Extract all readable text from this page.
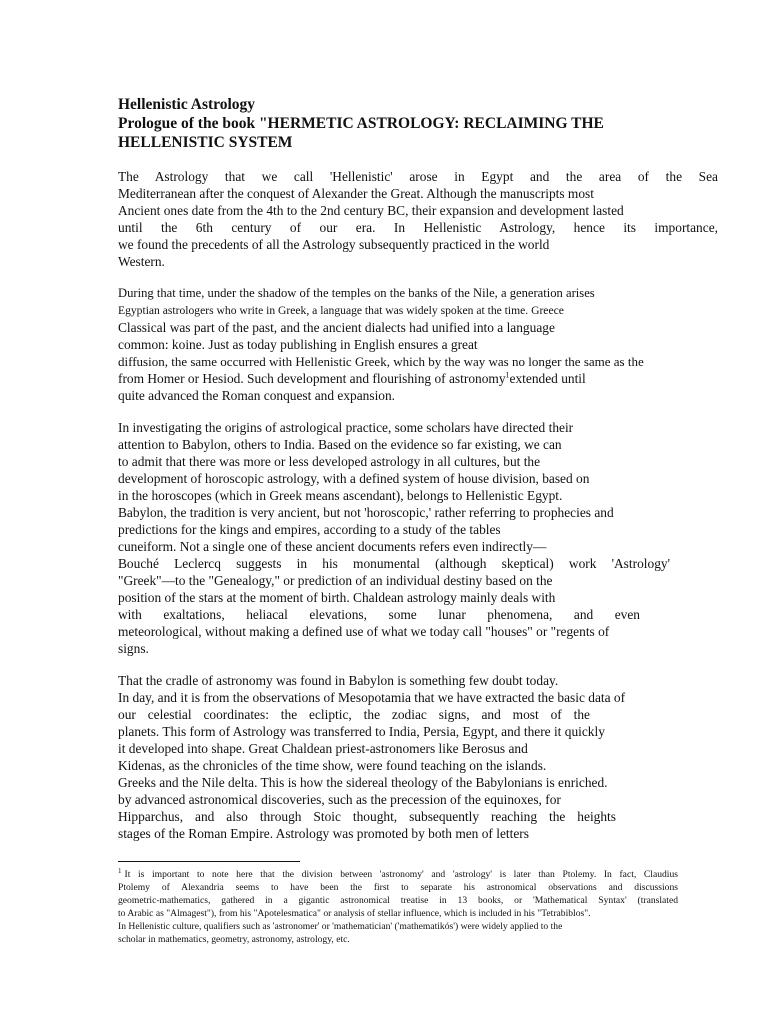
Hellenistic Astrology
Prologue of the book "HERMETIC ASTROLOGY: RECLAIMING THE
HELLENISTIC SYSTEM
The Astrology that we call 'Hellenistic' arose in Egypt and the area of the Sea
Mediterranean after the conquest of Alexander the Great. Although the manuscripts most
Ancient ones date from the 4th to the 2nd century BC, their expansion and development lasted
until the 6th century of our era. In Hellenistic Astrology, hence its importance,
we found the precedents of all the Astrology subsequently practiced in the world
Western.
During that time, under the shadow of the temples on the banks of the Nile, a generation arises
Egyptian astrologers who write in Greek, a language that was widely spoken at the time. Greece
Classical was part of the past, and the ancient dialects had unified into a language
common: koine. Just as today publishing in English ensures a great
diffusion, the same occurred with Hellenistic Greek, which by the way was no longer the same as the
from Homer or Hesiod. Such development and flourishing of astronomy$^1$extended until
quite advanced the Roman conquest and expansion.
In investigating the origins of astrological practice, some scholars have directed their
attention to Babylon, others to India. Based on the evidence so far existing, we can
to admit that there was more or less developed astrology in all cultures, but the
development of horoscopic astrology, with a defined system of house division, based on
in the horoscopes (which in Greek means ascendant), belongs to Hellenistic Egypt.
Babylon, the tradition is very ancient, but not 'horoscopic,' rather referring to prophecies and
predictions for the kings and empires, according to a study of the tables
cuneiform. Not a single one of these ancient documents refers even indirectly—
Bouché Leclercq suggests in his monumental (although skeptical) work 'Astrology'
"Greek"—to the "Genealogy," or prediction of an individual destiny based on the
position of the stars at the moment of birth. Chaldean astrology mainly deals with
with exaltations, heliacal elevations, some lunar phenomena, and even
meteorological, without making a defined use of what we today call "houses" or "regents of
signs.
That the cradle of astronomy was found in Babylon is something few doubt today.
In day, and it is from the observations of Mesopotamia that we have extracted the basic data of
our celestial coordinates: the ecliptic, the zodiac signs, and most of the
planets. This form of Astrology was transferred to India, Persia, Egypt, and there it quickly
it developed into shape. Great Chaldean priest-astronomers like Berosus and
Kidenas, as the chronicles of the time show, were found teaching on the islands.
Greeks and the Nile delta. This is how the sidereal theology of the Babylonians is enriched.
by advanced astronomical discoveries, such as the precession of the equinoxes, for
Hipparchus, and also through Stoic thought, subsequently reaching the heights
stages of the Roman Empire. Astrology was promoted by both men of letters
$^1$ It is important to note here that the division between 'astronomy' and 'astrology' is later than Ptolemy. In fact, Claudius
Ptolemy of Alexandria seems to have been the first to separate his astronomical observations and discussions
geometric-mathematics, gathered in a gigantic astronomical treatise in 13 books, or 'Mathematical Syntax' (translated
to Arabic as "Almagest"), from his "Apotelesmatica" or analysis of stellar influence, which is included in his "Tetrabiblos".
In Hellenistic culture, qualifiers such as 'astronomer' or 'mathematician' ('mathematikós') were widely applied to the
scholar in mathematics, geometry, astronomy, astrology, etc.
